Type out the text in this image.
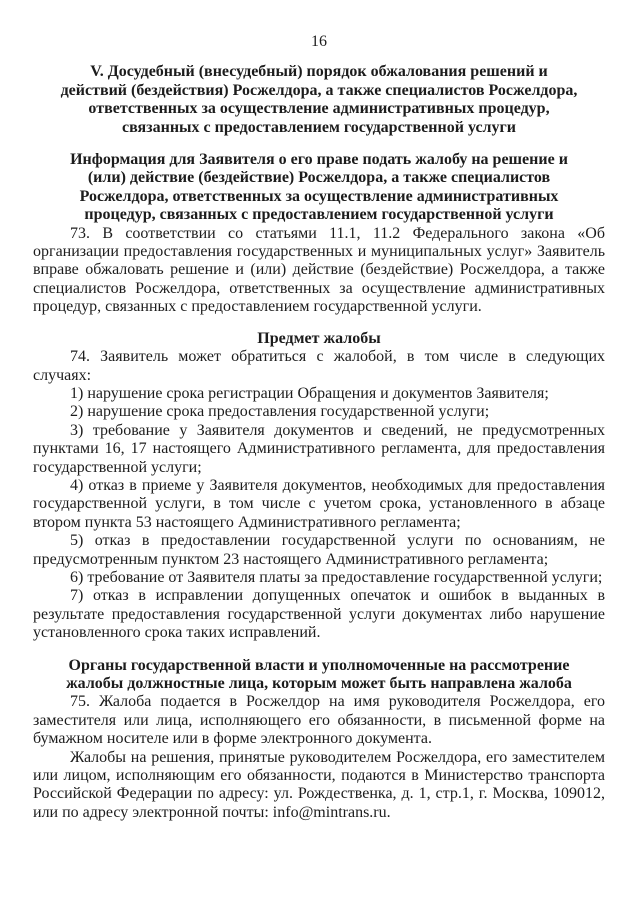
16
V. Досудебный (внесудебный) порядок обжалования решений и действий (бездействия) Росжелдора, а также специалистов Росжелдора, ответственных за осуществление административных процедур, связанных с предоставлением государственной услуги
Информация для Заявителя о его праве подать жалобу на решение и (или) действие (бездействие) Росжелдора, а также специалистов Росжелдора, ответственных за осуществление административных процедур, связанных с предоставлением государственной услуги

73. В соответствии со статьями 11.1, 11.2 Федерального закона «Об организации предоставления государственных и муниципальных услуг» Заявитель вправе обжаловать решение и (или) действие (бездействие) Росжелдора, а также специалистов Росжелдора, ответственных за осуществление административных процедур, связанных с предоставлением государственной услуги.

Предмет жалобы

74. Заявитель может обратиться с жалобой, в том числе в следующих случаях:

1) нарушение срока регистрации Обращения и документов Заявителя;

2) нарушение срока предоставления государственной услуги;

3) требование у Заявителя документов и сведений, не предусмотренных пунктами 16, 17 настоящего Административного регламента, для предоставления государственной услуги;

4) отказ в приеме у Заявителя документов, необходимых для предоставления государственной услуги, в том числе с учетом срока, установленного в абзаце втором пункта 53 настоящего Административного регламента;

5) отказ в предоставлении государственной услуги по основаниям, не предусмотренным пунктом 23 настоящего Административного регламента;

6) требование от Заявителя платы за предоставление государственной услуги;

7) отказ в исправлении допущенных опечаток и ошибок в выданных в результате предоставления государственной услуги документах либо нарушение установленного срока таких исправлений.

Органы государственной власти и уполномоченные на рассмотрение жалобы должностные лица, которым может быть направлена жалоба

75. Жалоба подается в Росжелдор на имя руководителя Росжелдора, его заместителя или лица, исполняющего его обязанности, в письменной форме на бумажном носителе или в форме электронного документа.

Жалобы на решения, принятые руководителем Росжелдора, его заместителем или лицом, исполняющим его обязанности, подаются в Министерство транспорта Российской Федерации по адресу: ул. Рождественка, д. 1, стр.1, г. Москва, 109012, или по адресу электронной почты: info@mintrans.ru.
